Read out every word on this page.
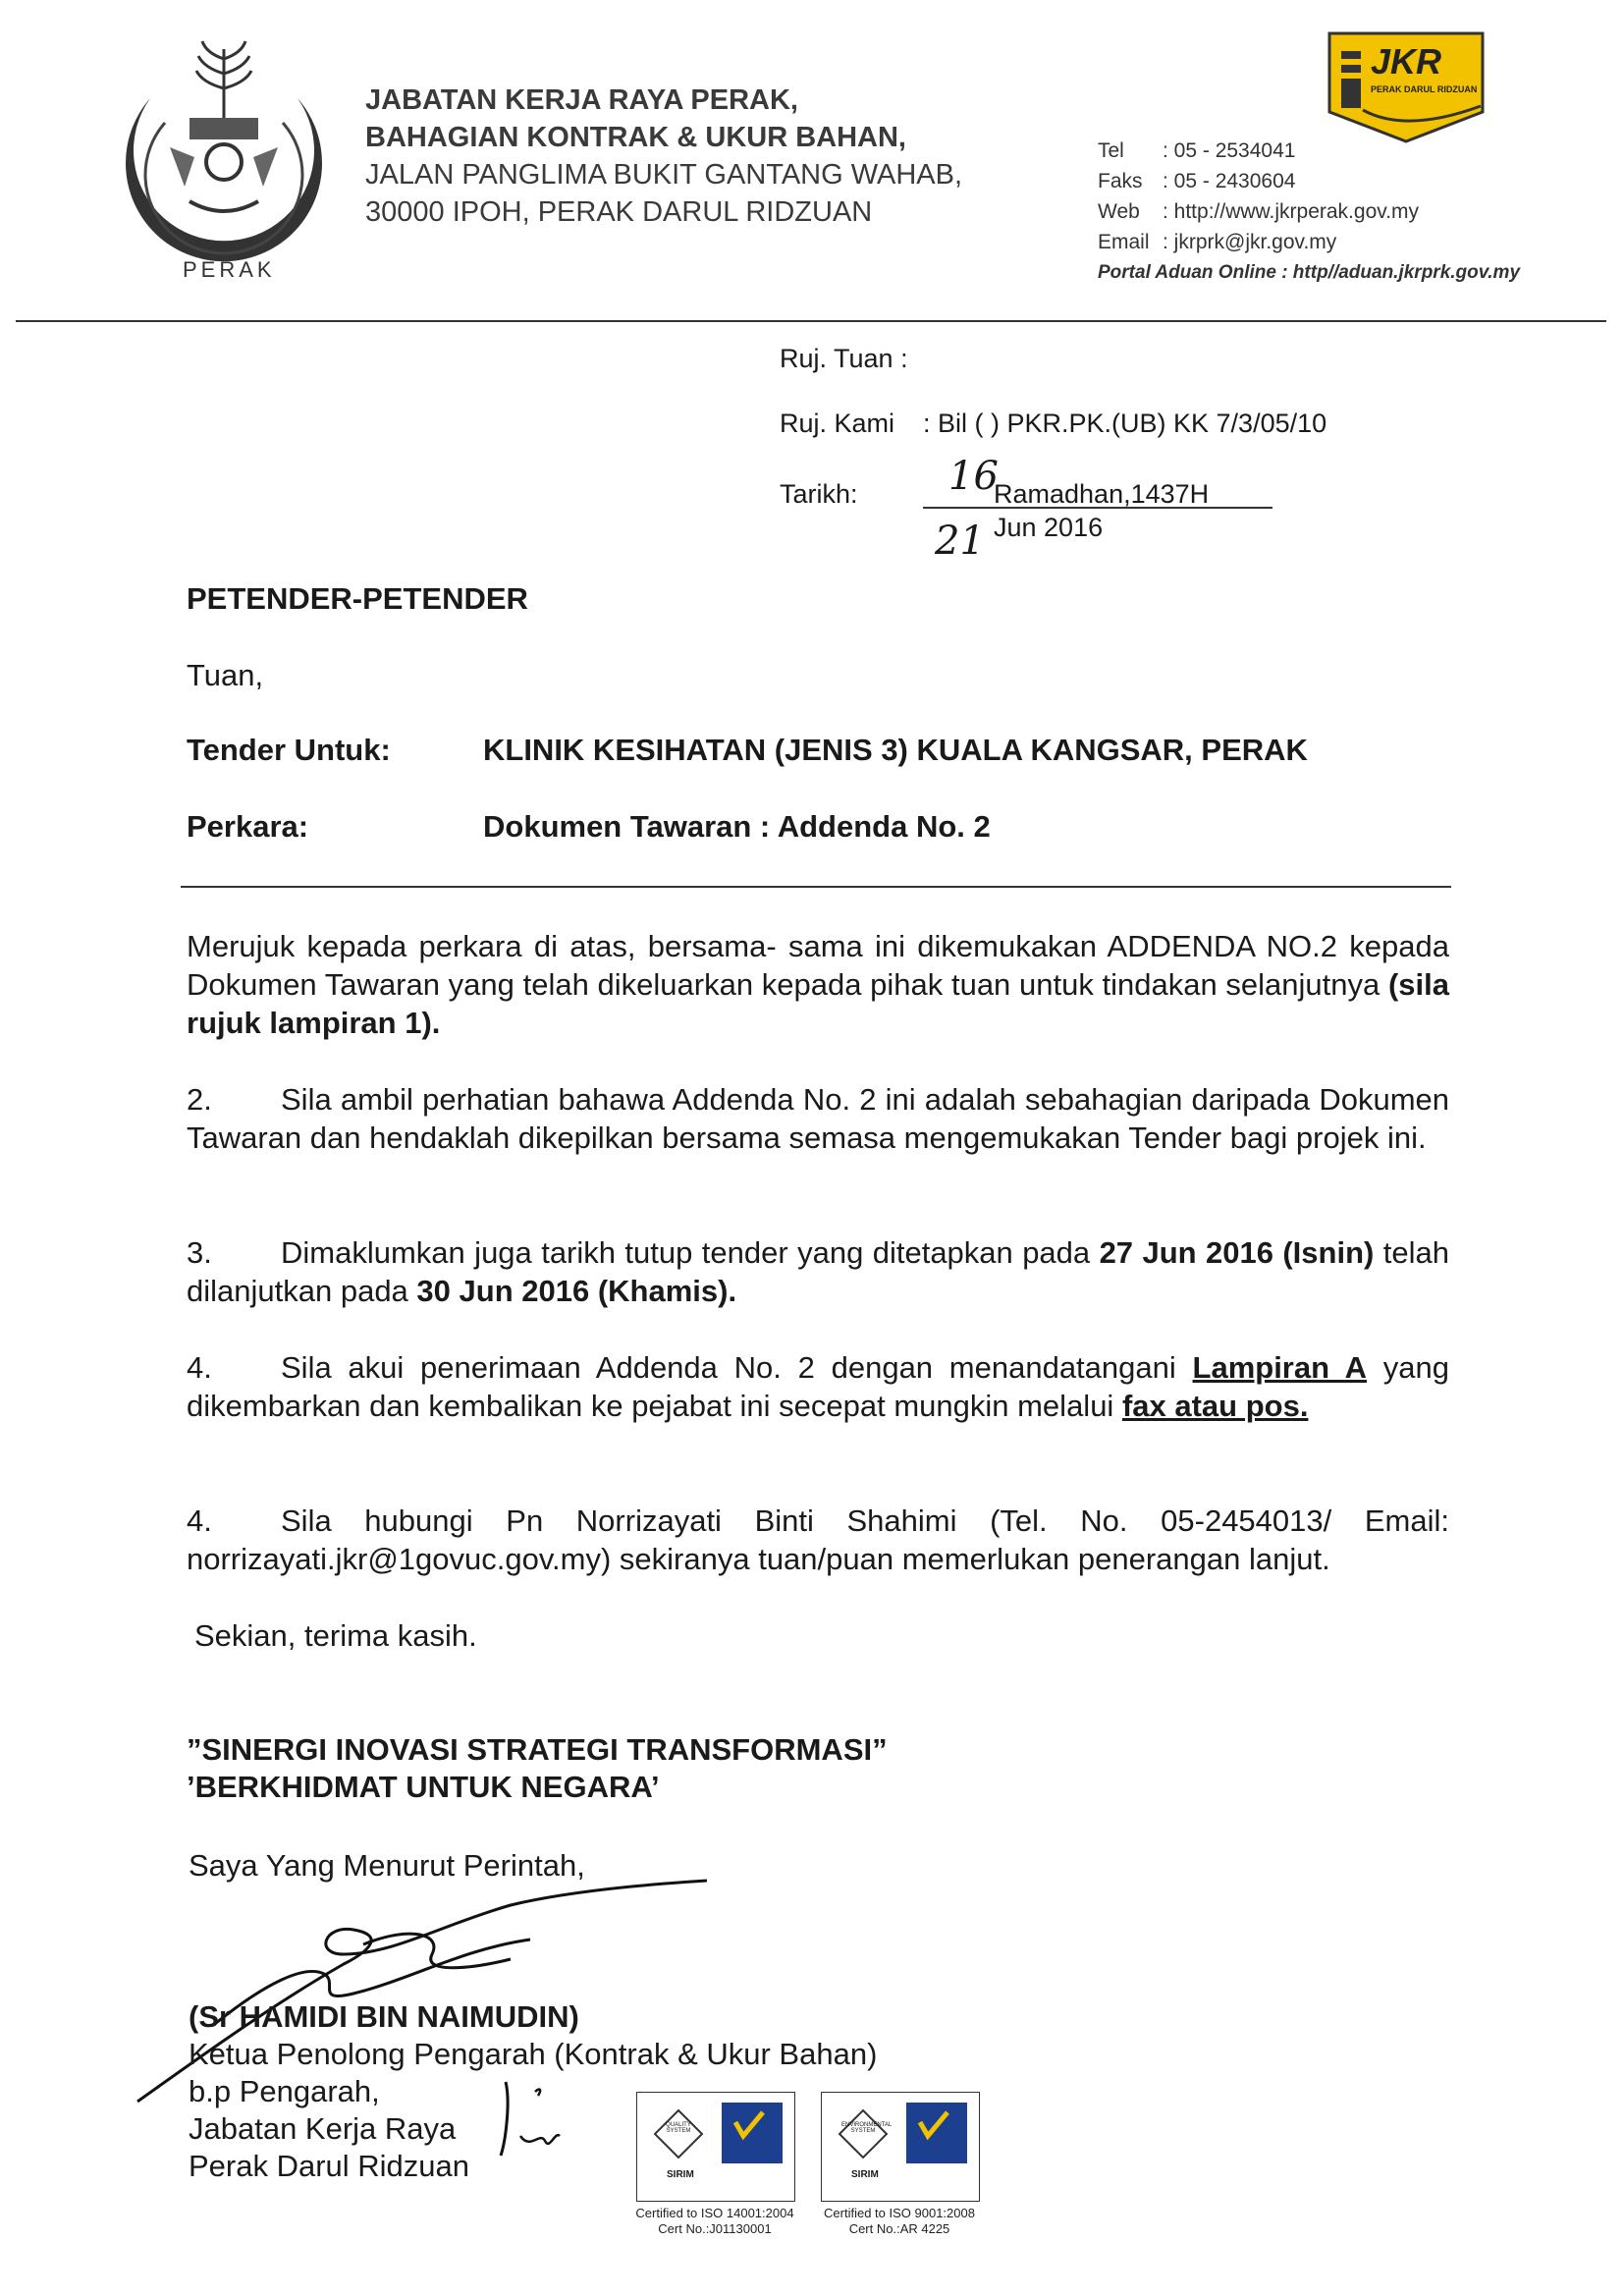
PERAK
JABATAN KERJA RAYA PERAK,
BAHAGIAN KONTRAK & UKUR BAHAN,
JALAN PANGLIMA BUKIT GANTANG WAHAB,
30000 IPOH, PERAK DARUL RIDZUAN
JKR
PERAK DARUL RIDZUAN
Tel : 05 - 2534041
Faks : 05 - 2430604
Web : http://www.jkrperak.gov.my
Email : jkrprk@jkr.gov.my
Portal Aduan Online : http//aduan.jkrprk.gov.my
Ruj. Tuan :
Ruj. Kami : Bil ( ) PKR.PK.(UB) KK 7/3/05/10
Tarikh: 16
Ramadhan,1437H
21 Jun 2016
PETENDER-PETENDER
Tuan,
Tender Untuk:	KLINIK KESIHATAN (JENIS 3) KUALA KANGSAR, PERAK
Perkara:	Dokumen Tawaran : Addenda No. 2
Merujuk kepada perkara di atas, bersama- sama ini dikemukakan ADDENDA NO.2 kepada Dokumen Tawaran yang telah dikeluarkan kepada pihak tuan untuk tindakan selanjutnya (sila rujuk lampiran 1).
2. Sila ambil perhatian bahawa Addenda No. 2 ini adalah sebahagian daripada Dokumen Tawaran dan hendaklah dikepilkan bersama semasa mengemukakan Tender bagi projek ini.
3. Dimaklumkan juga tarikh tutup tender yang ditetapkan pada 27 Jun 2016 (Isnin) telah dilanjutkan pada 30 Jun 2016 (Khamis).
4. Sila akui penerimaan Addenda No. 2 dengan menandatangani Lampiran A yang dikembarkan dan kembalikan ke pejabat ini secepat mungkin melalui fax atau pos.
4. Sila hubungi Pn Norrizayati Binti Shahimi (Tel. No. 05-2454013/ Email: norrizayati.jkr@1govuc.gov.my) sekiranya tuan/puan memerlukan penerangan lanjut.
Sekian, terima kasih.
”SINERGI INOVASI STRATEGI TRANSFORMASI”
’BERKHIDMAT UNTUK NEGARA’
Saya Yang Menurut Perintah,
(Sr HAMIDI BIN NAIMUDIN)
Ketua Penolong Pengarah (Kontrak & Ukur Bahan)
b.p Pengarah,
Jabatan Kerja Raya
Perak Darul Ridzuan
QUALITY SYSTEM
SIRIM
Certified to ISO 14001:2004
Cert No.:J01130001
ENVIRONMENTAL SYSTEM
SIRIM
Certified to ISO 9001:2008
Cert No.:AR 4225
